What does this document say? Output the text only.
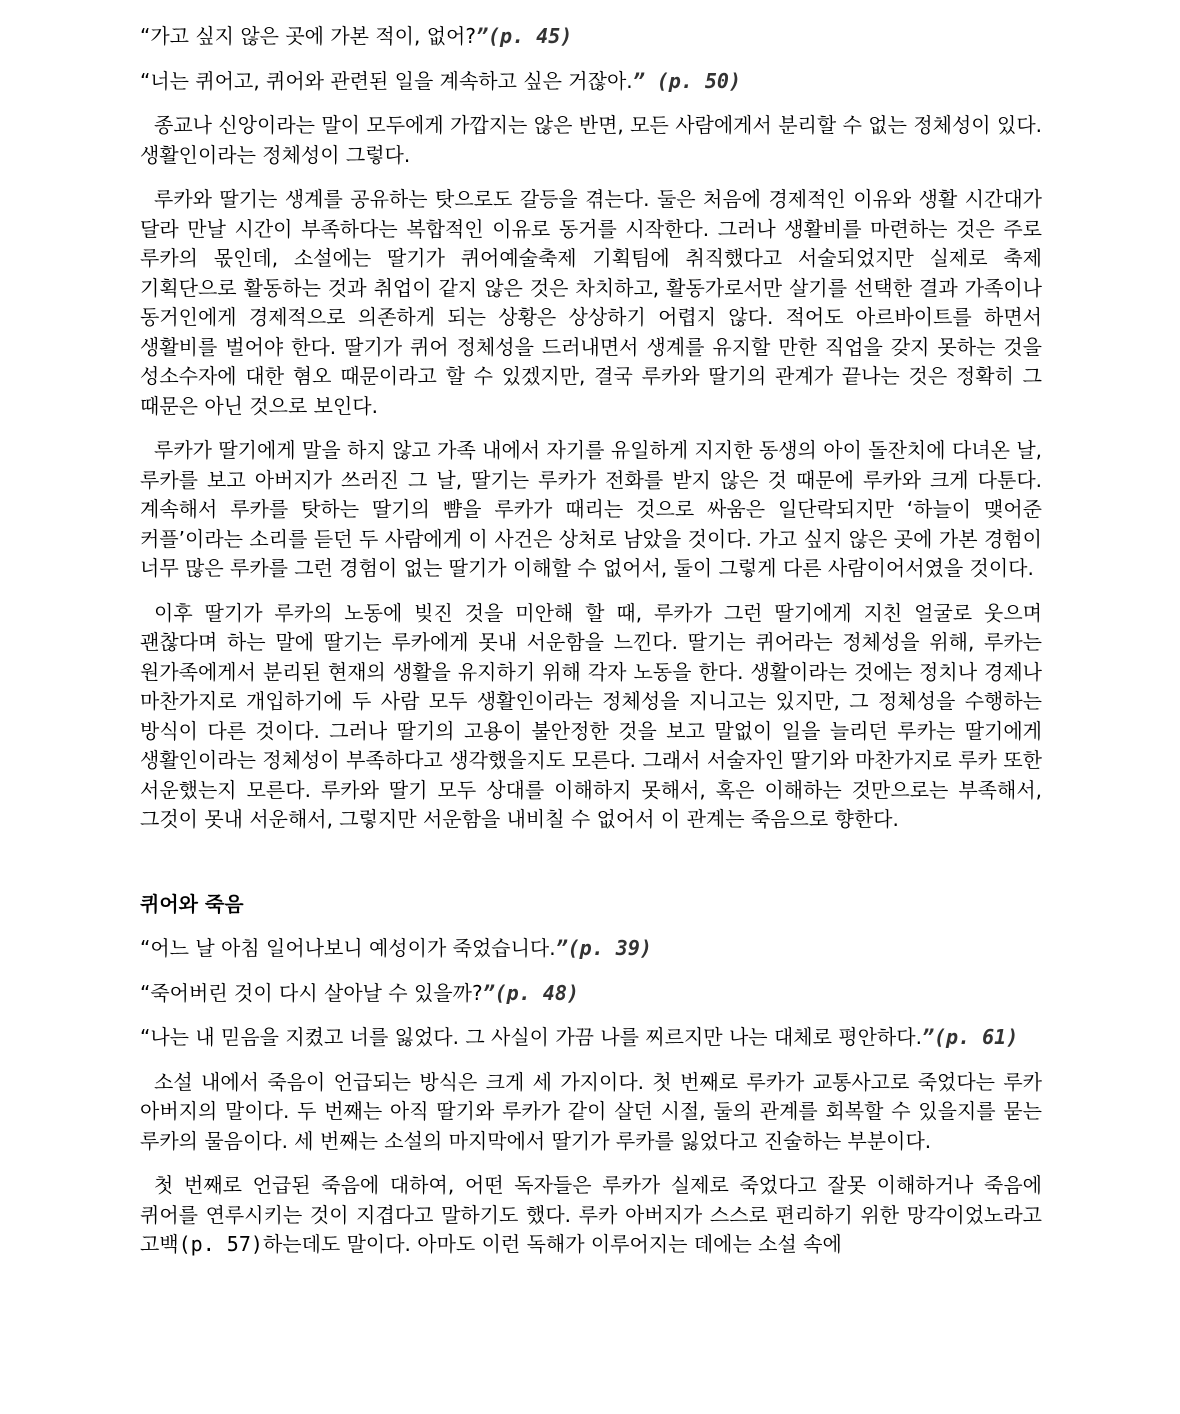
“가고 싶지 않은 곳에 가본 적이, 없어?”(p. 45)

“너는 퀴어고, 퀴어와 관련된 일을 계속하고 싶은 거잖아.” (p. 50)

종교나 신앙이라는 말이 모두에게 가깝지는 않은 반면, 모든 사람에게서 분리할 수 없는 정체성이 있다. 생활인이라는 정체성이 그렇다.

루카와 딸기는 생계를 공유하는 탓으로도 갈등을 겪는다. 둘은 처음에 경제적인 이유와 생활 시간대가 달라 만날 시간이 부족하다는 복합적인 이유로 동거를 시작한다. 그러나 생활비를 마련하는 것은 주로 루카의 몫인데, 소설에는 딸기가 퀴어예술축제 기획팀에 취직했다고 서술되었지만 실제로 축제 기획단으로 활동하는 것과 취업이 같지 않은 것은 차치하고, 활동가로서만 살기를 선택한 결과 가족이나 동거인에게 경제적으로 의존하게 되는 상황은 상상하기 어렵지 않다. 적어도 아르바이트를 하면서 생활비를 벌어야 한다. 딸기가 퀴어 정체성을 드러내면서 생계를 유지할 만한 직업을 갖지 못하는 것을 성소수자에 대한 혐오 때문이라고 할 수 있겠지만, 결국 루카와 딸기의 관계가 끝나는 것은 정확히 그 때문은 아닌 것으로 보인다.

루카가 딸기에게 말을 하지 않고 가족 내에서 자기를 유일하게 지지한 동생의 아이 돌잔치에 다녀온 날, 루카를 보고 아버지가 쓰러진 그 날, 딸기는 루카가 전화를 받지 않은 것 때문에 루카와 크게 다툰다. 계속해서 루카를 탓하는 딸기의 뺨을 루카가 때리는 것으로 싸움은 일단락되지만 ‘하늘이 맺어준 커플’이라는 소리를 듣던 두 사람에게 이 사건은 상처로 남았을 것이다. 가고 싶지 않은 곳에 가본 경험이 너무 많은 루카를 그런 경험이 없는 딸기가 이해할 수 없어서, 둘이 그렇게 다른 사람이어서였을 것이다.

이후 딸기가 루카의 노동에 빚진 것을 미안해 할 때, 루카가 그런 딸기에게 지친 얼굴로 웃으며 괜찮다며 하는 말에 딸기는 루카에게 못내 서운함을 느낀다. 딸기는 퀴어라는 정체성을 위해, 루카는 원가족에게서 분리된 현재의 생활을 유지하기 위해 각자 노동을 한다. 생활이라는 것에는 정치나 경제나 마찬가지로 개입하기에 두 사람 모두 생활인이라는 정체성을 지니고는 있지만, 그 정체성을 수행하는 방식이 다른 것이다. 그러나 딸기의 고용이 불안정한 것을 보고 말없이 일을 늘리던 루카는 딸기에게 생활인이라는 정체성이 부족하다고 생각했을지도 모른다. 그래서 서술자인 딸기와 마찬가지로 루카 또한 서운했는지 모른다. 루카와 딸기 모두 상대를 이해하지 못해서, 혹은 이해하는 것만으로는 부족해서, 그것이 못내 서운해서, 그렇지만 서운함을 내비칠 수 없어서 이 관계는 죽음으로 향한다.

퀴어와 죽음

“어느 날 아침 일어나보니 예성이가 죽었습니다.”(p. 39)

“죽어버린 것이 다시 살아날 수 있을까?”(p. 48)

“나는 내 믿음을 지켰고 너를 잃었다. 그 사실이 가끔 나를 찌르지만 나는 대체로 평안하다.”(p. 61)

소설 내에서 죽음이 언급되는 방식은 크게 세 가지이다. 첫 번째로 루카가 교통사고로 죽었다는 루카 아버지의 말이다. 두 번째는 아직 딸기와 루카가 같이 살던 시절, 둘의 관계를 회복할 수 있을지를 묻는 루카의 물음이다. 세 번째는 소설의 마지막에서 딸기가 루카를 잃었다고 진술하는 부분이다.

첫 번째로 언급된 죽음에 대하여, 어떤 독자들은 루카가 실제로 죽었다고 잘못 이해하거나 죽음에 퀴어를 연루시키는 것이 지겹다고 말하기도 했다. 루카 아버지가 스스로 편리하기 위한 망각이었노라고 고백(p. 57)하는데도 말이다. 아마도 이런 독해가 이루어지는 데에는 소설 속에
